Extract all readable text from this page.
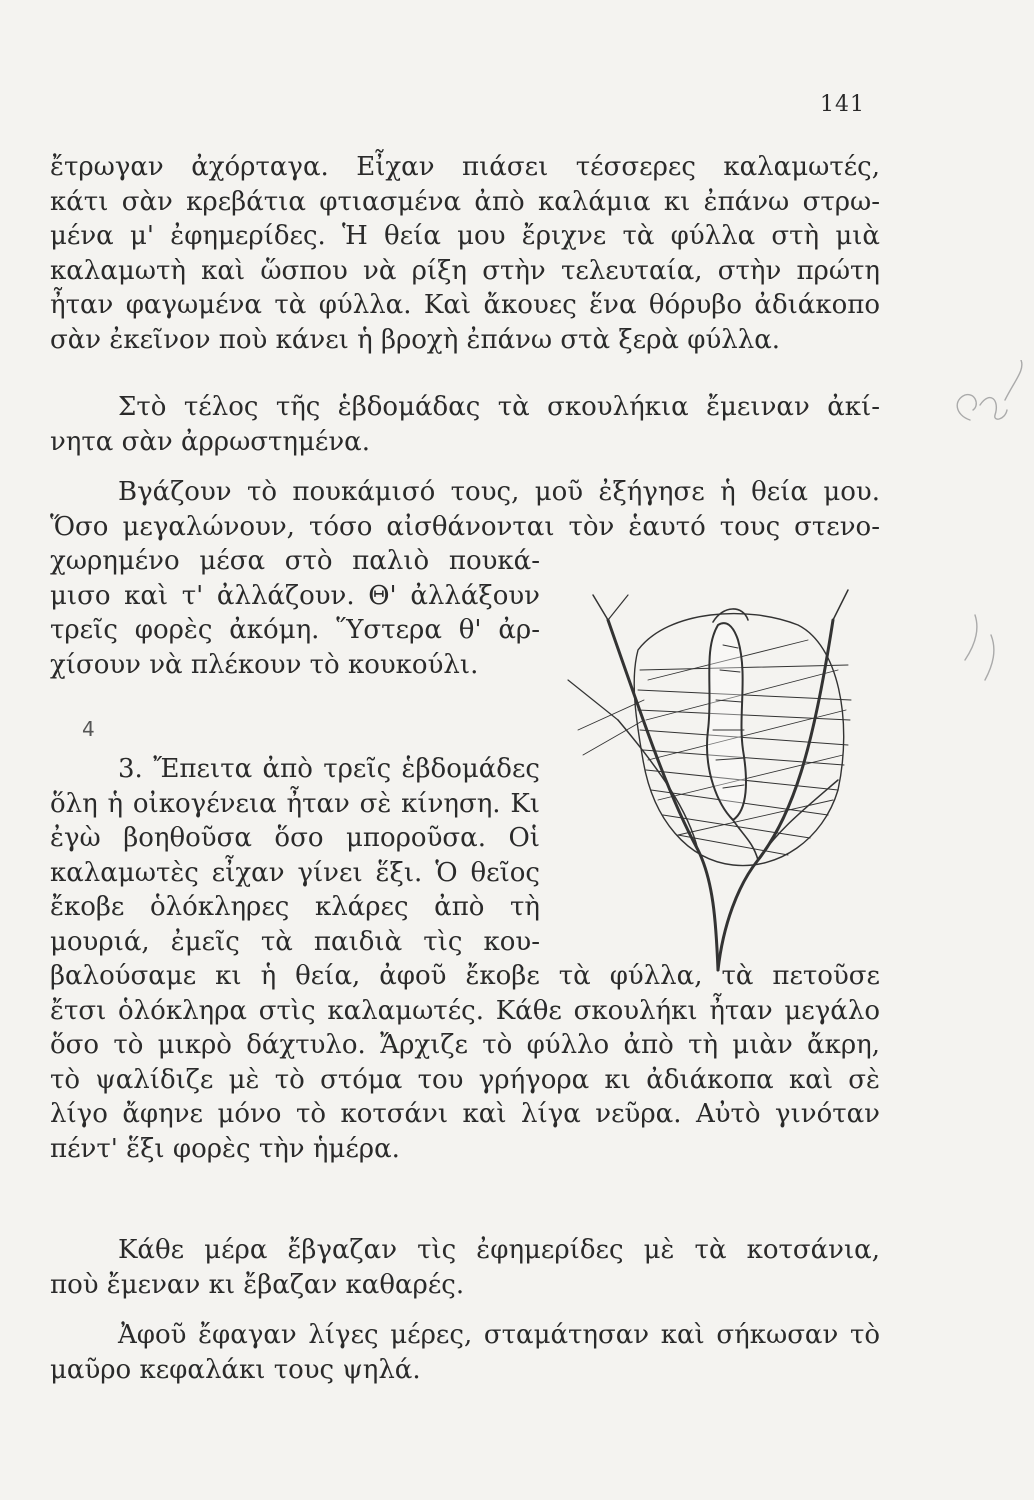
141
ἔτρωγαν ἀχόρταγα. Εἶχαν πιάσει τέσσερες καλαμωτές,
κάτι σὰν κρεβάτια φτιασμένα ἀπὸ καλάμια κι ἐπάνω στρω-
μένα μ' ἐφημερίδες. Ἡ θεία μου ἔριχνε τὰ φύλλα στὴ μιὰ
καλαμωτὴ καὶ ὥσπου νὰ ρίξη στὴν τελευταία, στὴν πρώτη
ἦταν φαγωμένα τὰ φύλλα. Καὶ ἄκουες ἕνα θόρυβο ἀδιάκοπο
σὰν ἐκεῖνον ποὺ κάνει ἡ βροχὴ ἐπάνω στὰ ξερὰ φύλλα.
Στὸ τέλος τῆς ἑβδομάδας τὰ σκουλήκια ἔμειναν ἀκί-
νητα σὰν ἀρρωστημένα.
Βγάζουν τὸ πουκάμισό τους, μοῦ ἐξήγησε ἡ θεία μου.
Ὅσο μεγαλώνουν, τόσο αἰσθάνονται τὸν ἑαυτό τους στενο-
χωρημένο μέσα στὸ παλιὸ πουκά-
μισο καὶ τ' ἀλλάζουν. Θ' ἀλλάξουν
τρεῖς φορὲς ἀκόμη. Ὕστερα θ' ἀρ-
χίσουν νὰ πλέκουν τὸ κουκούλι.
4
3. Ἔπειτα ἀπὸ τρεῖς ἑβδομάδες
ὅλη ἡ οἰκογένεια ἦταν σὲ κίνηση. Κι
ἐγὼ βοηθοῦσα ὅσο μποροῦσα. Οἱ
καλαμωτὲς εἶχαν γίνει ἕξι. Ὁ θεῖος
ἔκοβε ὁλόκληρες κλάρες ἀπὸ τὴ
μουριά, ἐμεῖς τὰ παιδιὰ τὶς κου-
βαλούσαμε κι ἡ θεία, ἀφοῦ ἔκοβε τὰ φύλλα, τὰ πετοῦσε
ἔτσι ὁλόκληρα στὶς καλαμωτές. Κάθε σκουλήκι ἦταν μεγάλο
ὅσο τὸ μικρὸ δάχτυλο. Ἄρχιζε τὸ φύλλο ἀπὸ τὴ μιὰν ἄκρη,
τὸ ψαλίδιζε μὲ τὸ στόμα του γρήγορα κι ἀδιάκοπα καὶ σὲ
λίγο ἄφηνε μόνο τὸ κοτσάνι καὶ λίγα νεῦρα. Αὐτὸ γινόταν
πέντ' ἕξι φορὲς τὴν ἡμέρα.
Κάθε μέρα ἔβγαζαν τὶς ἐφημερίδες μὲ τὰ κοτσάνια,
ποὺ ἔμεναν κι ἔβαζαν καθαρές.
Ἀφοῦ ἔφαγαν λίγες μέρες, σταμάτησαν καὶ σήκωσαν τὸ
μαῦρο κεφαλάκι τους ψηλά.
